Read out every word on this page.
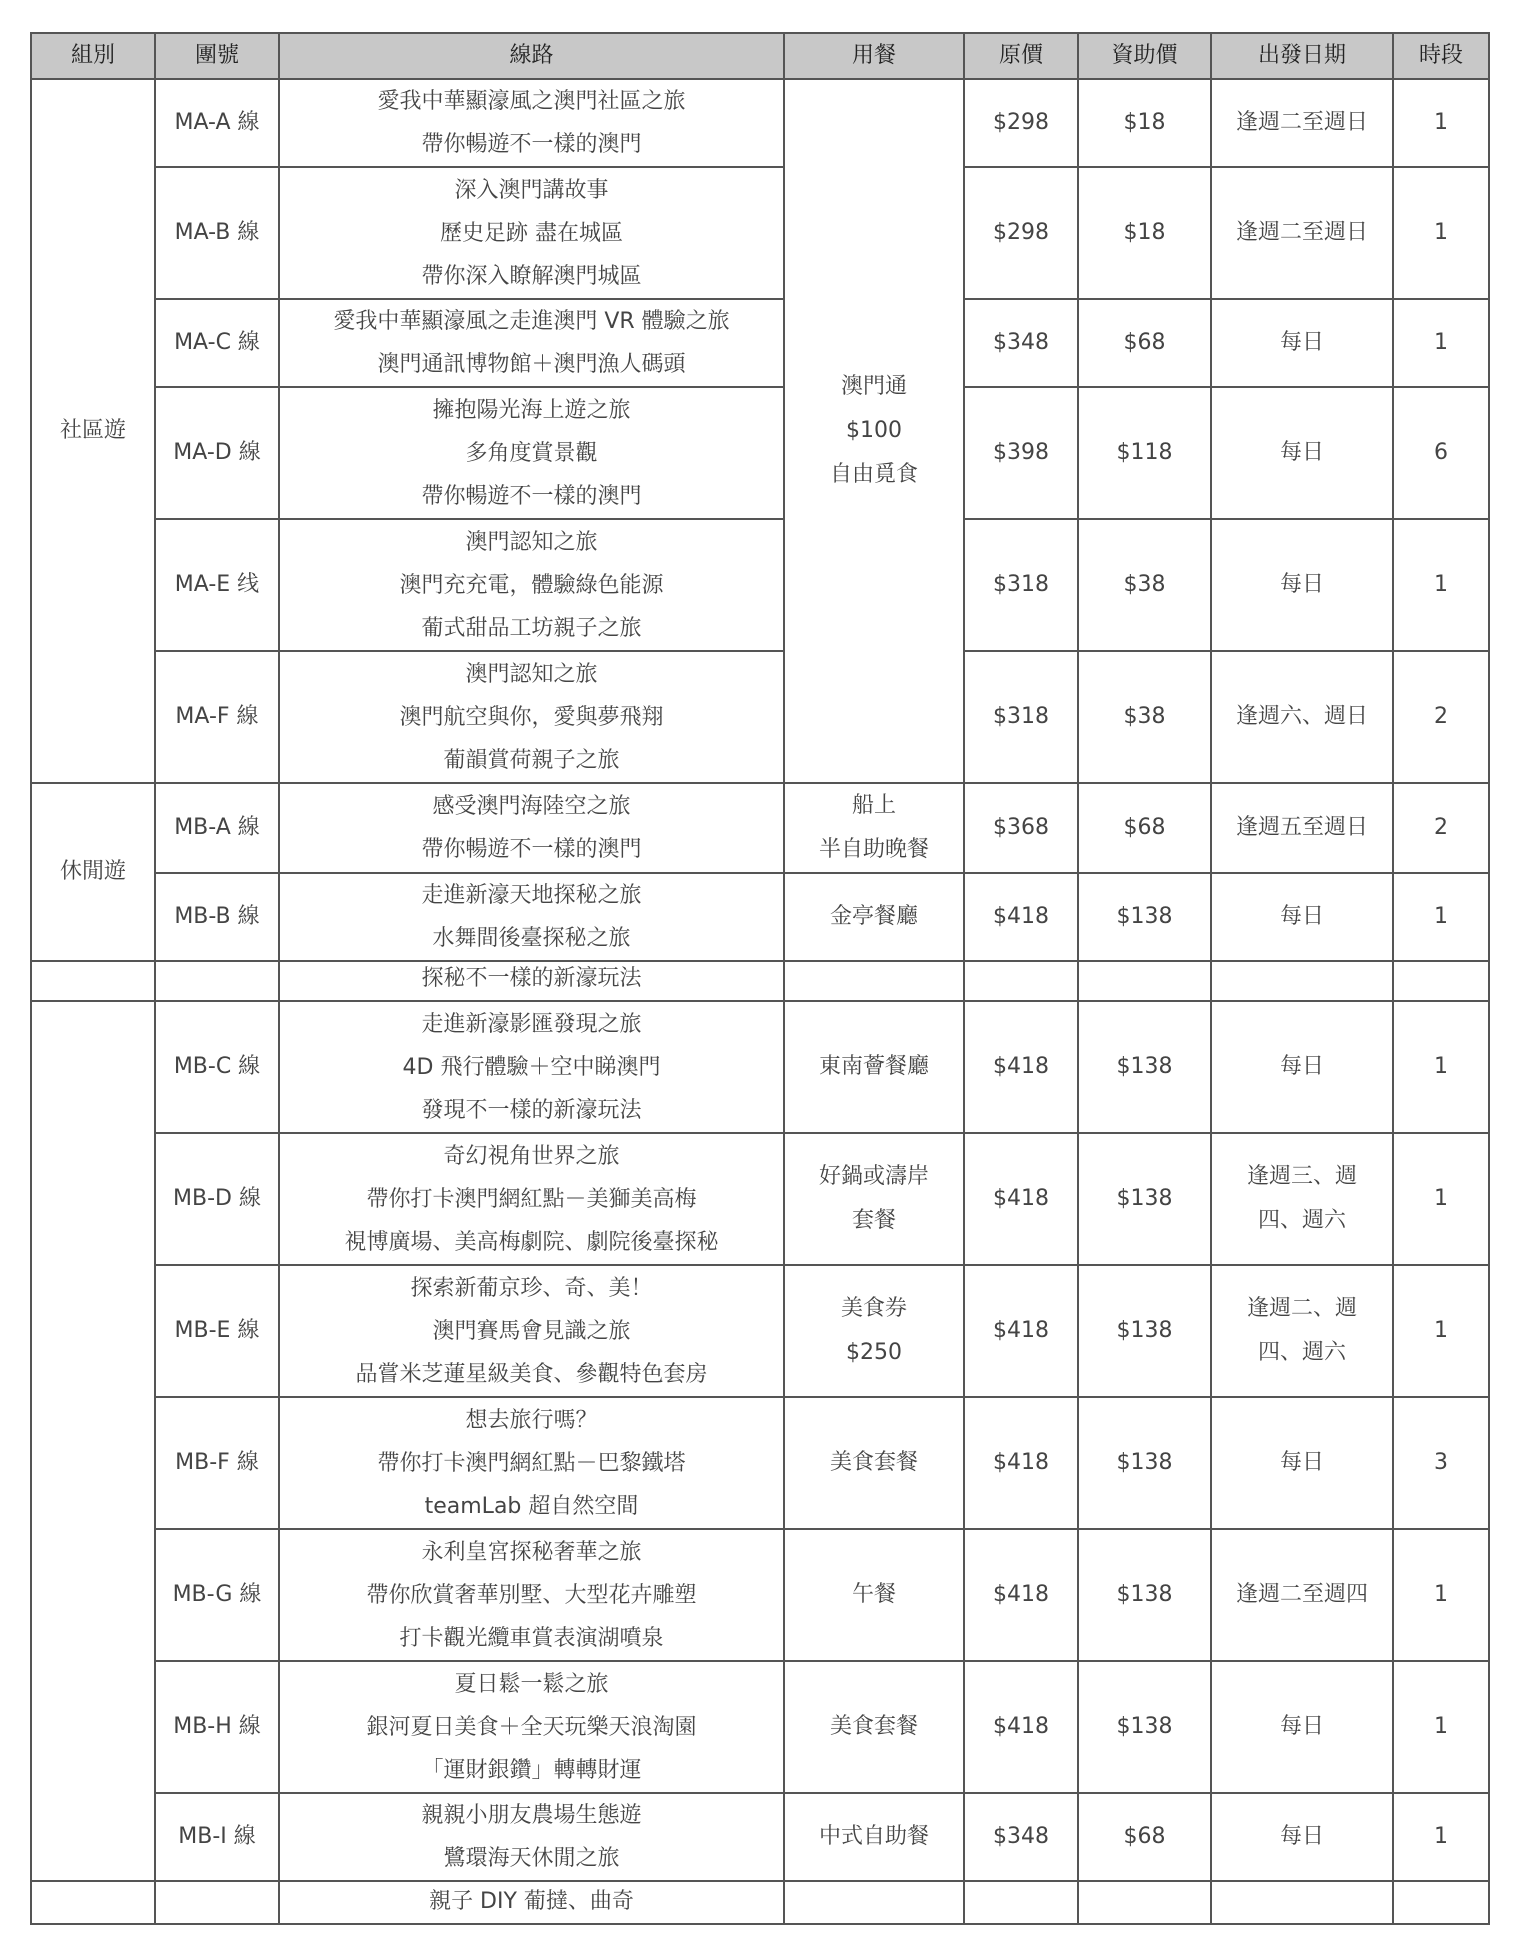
組別	團號	線路	用餐	原價	資助價	出發日期	時段

社區遊	MA-A 線	愛我中華顯濠風之澳門社區之旅
帶你暢遊不一樣的澳門	澳門通
$100
自由覓食	$298	$18	逢週二至週日	1

	MA-B 線	深入澳門講故事
歷史足跡 盡在城區
帶你深入瞭解澳門城區		$298	$18	逢週二至週日	1

	MA-C 線	愛我中華顯濠風之走進澳門 VR 體驗之旅
澳門通訊博物館＋澳門漁人碼頭		$348	$68	每日	1

	MA-D 線	擁抱陽光海上遊之旅
多角度賞景觀
帶你暢遊不一樣的澳門		$398	$118	每日	6

	MA-E 线	澳門認知之旅
澳門充充電，體驗綠色能源
葡式甜品工坊親子之旅		$318	$38	每日	1

	MA-F 線	澳門認知之旅
澳門航空與你，愛與夢飛翔
葡韻賞荷親子之旅		$318	$38	逢週六、週日	2

休閒遊	MB-A 線	感受澳門海陸空之旅
帶你暢遊不一樣的澳門	船上
半自助晚餐	$368	$68	逢週五至週日	2

	MB-B 線	走進新濠天地探秘之旅
水舞間後臺探秘之旅	金亭餐廳	$418	$138	每日	1

		探秘不一樣的新濠玩法					

	MB-C 線	走進新濠影匯發現之旅
4D 飛行體驗＋空中睇澳門
發現不一樣的新濠玩法	東南薈餐廳	$418	$138	每日	1

	MB-D 線	奇幻視角世界之旅
帶你打卡澳門網紅點－美獅美高梅
視博廣場、美高梅劇院、劇院後臺探秘	好鍋或濤岸
套餐	$418	$138	逢週三、週
四、週六	1

	MB-E 線	探索新葡京珍、奇、美！
澳門賽馬會見識之旅
品嘗米芝蓮星級美食、參觀特色套房	美食券
$250	$418	$138	逢週二、週
四、週六	1

	MB-F 線	想去旅行嗎？
帶你打卡澳門網紅點－巴黎鐵塔
teamLab 超自然空間	美食套餐	$418	$138	每日	3

	MB-G 線	永利皇宮探秘奢華之旅
帶你欣賞奢華別墅、大型花卉雕塑
打卡觀光纜車賞表演湖噴泉	午餐	$418	$138	逢週二至週四	1

	MB-H 線	夏日鬆一鬆之旅
銀河夏日美食＋全天玩樂天浪淘園
「運財銀鑽」轉轉財運	美食套餐	$418	$138	每日	1

	MB-I 線	親親小朋友農場生態遊
鷺環海天休閒之旅	中式自助餐	$348	$68	每日	1

親子 DIY 葡撻、曲奇
